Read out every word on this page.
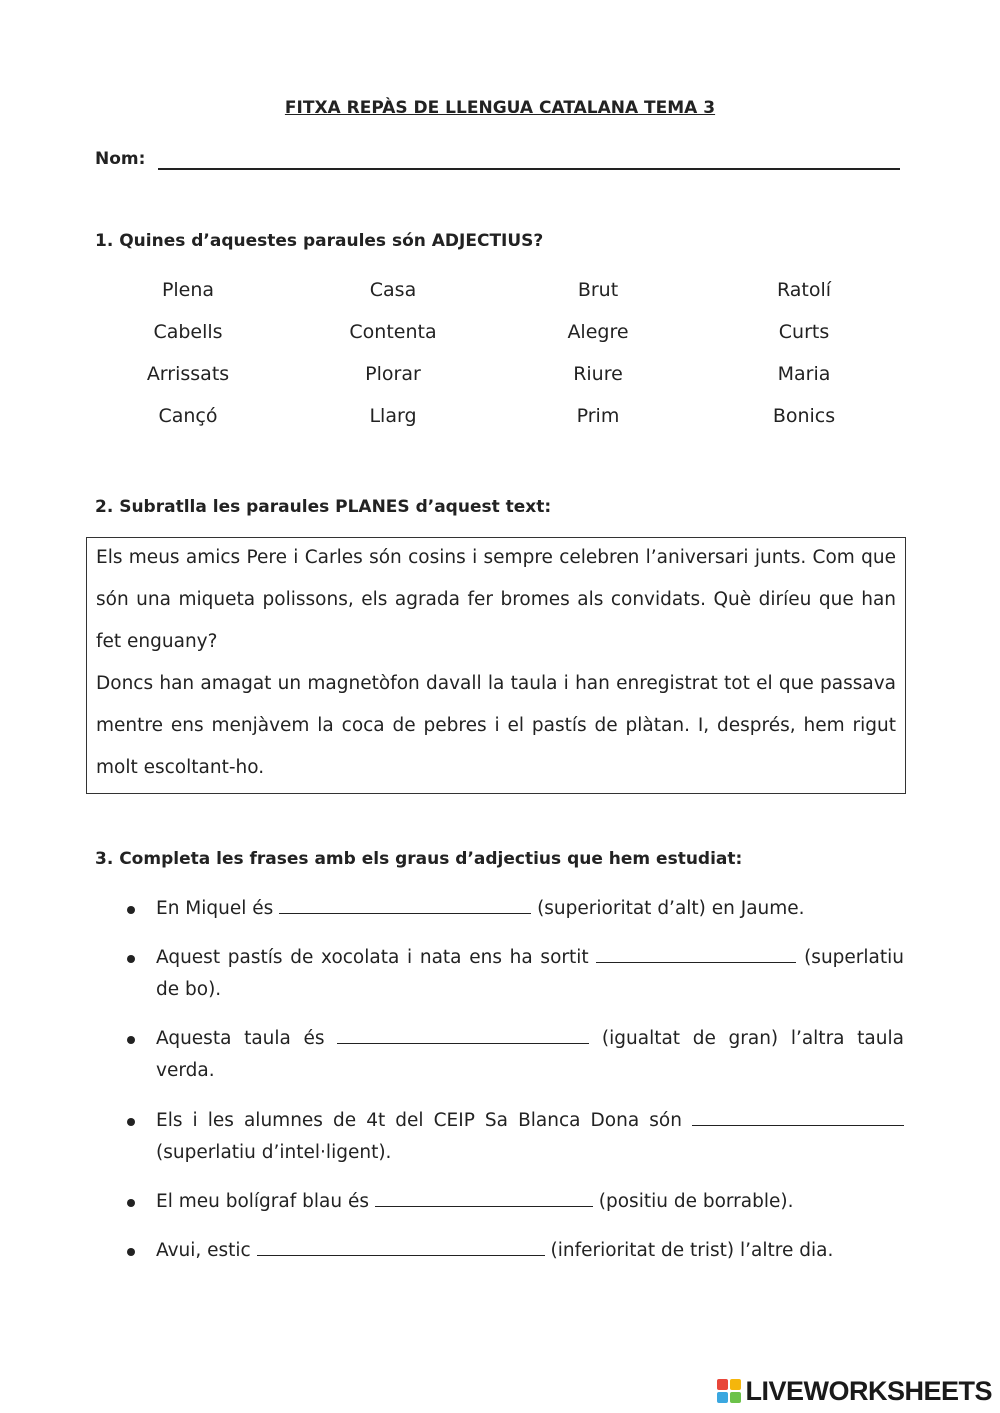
FITXA REPÀS DE LLENGUA CATALANA TEMA 3
Nom:
1. Quines d’aquestes paraules són ADJECTIUS?
Plena	Casa	Brut	Ratolí
Cabells	Contenta	Alegre	Curts
Arrissats	Plorar	Riure	Maria
Cançó	Llarg	Prim	Bonics
2. Subratlla les paraules PLANES d’aquest text:
Els meus amics Pere i Carles són cosins i sempre celebren l’aniversari junts. Com que
són una miqueta polissons, els agrada fer bromes als convidats. Què diríeu que han
fet enguany?
Doncs han amagat un magnetòfon davall la taula i han enregistrat tot el que passava
mentre ens menjàvem la coca de pebres i el pastís de plàtan. I, després, hem rigut
molt escoltant-ho.
3. Completa les frases amb els graus d’adjectius que hem estudiat:
En Miquel és	(superioritat d’alt) en Jaume.
Aquest pastís de xocolata i nata ens ha sortit	(superlatiu
de bo).
Aquesta taula és	(igualtat de gran) l’altra taula
verda.
Els i les alumnes de 4t del CEIP Sa Blanca Dona són
(superlatiu d’intel·ligent).
El meu bolígraf blau és	(positiu de borrable).
Avui, estic	(inferioritat de trist) l’altre dia.
LIVEWORKSHEETS
